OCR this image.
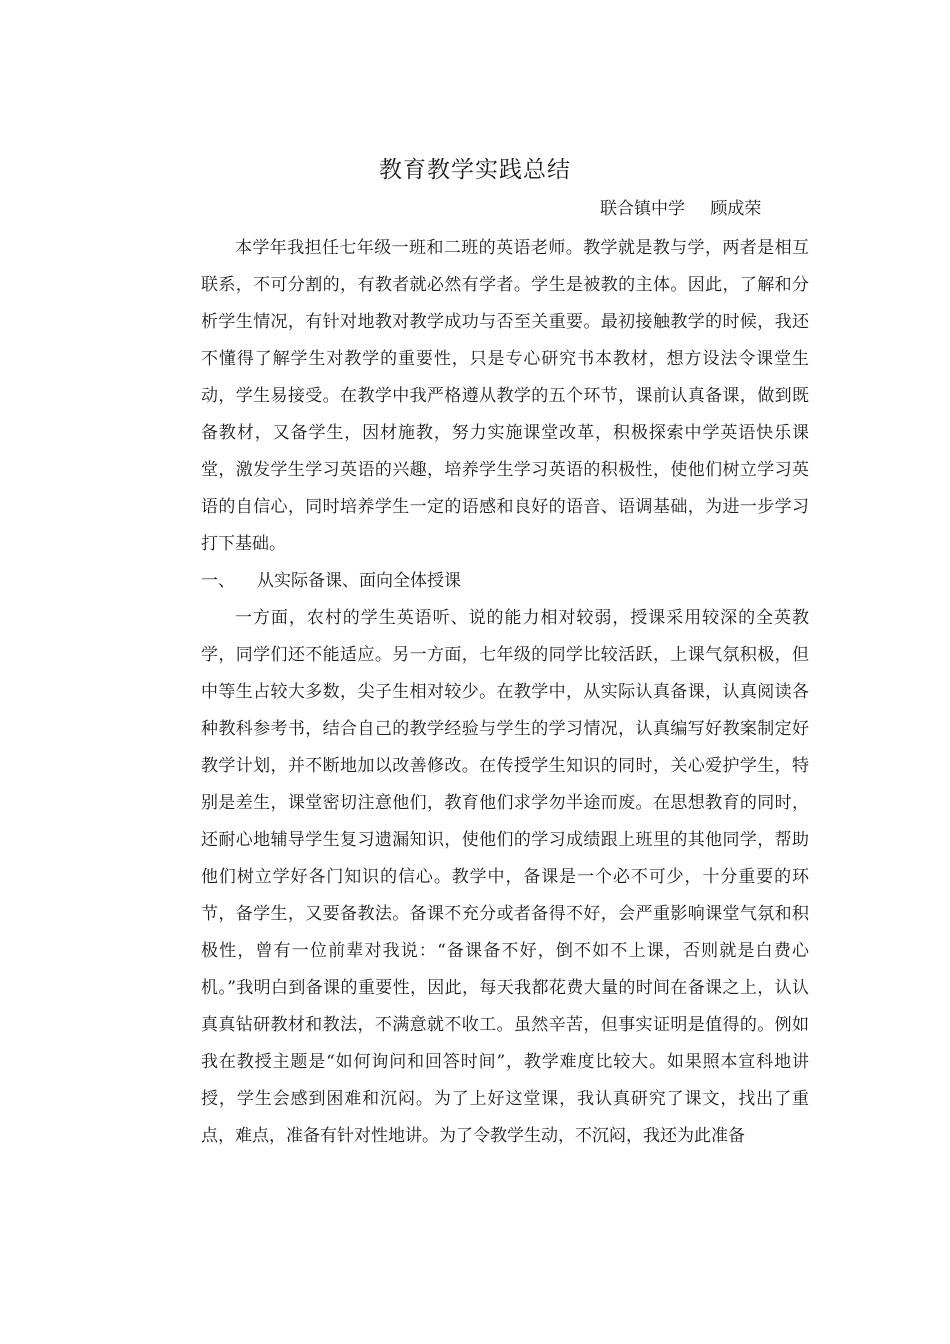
教育教学实践总结
联合镇中学 顾成荣

本学年我担任七年级一班和二班的英语老师。教学就是教与学，两者是相互联系，不可分割的，有教者就必然有学者。学生是被教的主体。因此，了解和分析学生情况，有针对地教对教学成功与否至关重要。最初接触教学的时候，我还不懂得了解学生对教学的重要性，只是专心研究书本教材，想方设法令课堂生动，学生易接受。在教学中我严格遵从教学的五个环节，课前认真备课，做到既备教材，又备学生，因材施教，努力实施课堂改革，积极探索中学英语快乐课堂，激发学生学习英语的兴趣，培养学生学习英语的积极性，使他们树立学习英语的自信心，同时培养学生一定的语感和良好的语音、语调基础，为进一步学习打下基础。

一、 从实际备课、面向全体授课

一方面，农村的学生英语听、说的能力相对较弱，授课采用较深的全英教学，同学们还不能适应。另一方面，七年级的同学比较活跃，上课气氛积极，但中等生占较大多数，尖子生相对较少。在教学中，从实际认真备课，认真阅读各种教科参考书，结合自己的教学经验与学生的学习情况，认真编写好教案制定好教学计划，并不断地加以改善修改。在传授学生知识的同时，关心爱护学生，特别是差生，课堂密切注意他们，教育他们求学勿半途而废。在思想教育的同时，还耐心地辅导学生复习遗漏知识，使他们的学习成绩跟上班里的其他同学，帮助他们树立学好各门知识的信心。教学中，备课是一个必不可少，十分重要的环节，备学生，又要备教法。备课不充分或者备得不好，会严重影响课堂气氛和积极性，曾有一位前辈对我说：“备课备不好，倒不如不上课，否则就是白费心机。”我明白到备课的重要性，因此，每天我都花费大量的时间在备课之上，认认真真钻研教材和教法，不满意就不收工。虽然辛苦，但事实证明是值得的。例如我在教授主题是“如何询问和回答时间”，教学难度比较大。如果照本宣科地讲授，学生会感到困难和沉闷。为了上好这堂课，我认真研究了课文，找出了重点，难点，准备有针对性地讲。为了令教学生动，不沉闷，我还为此准备
